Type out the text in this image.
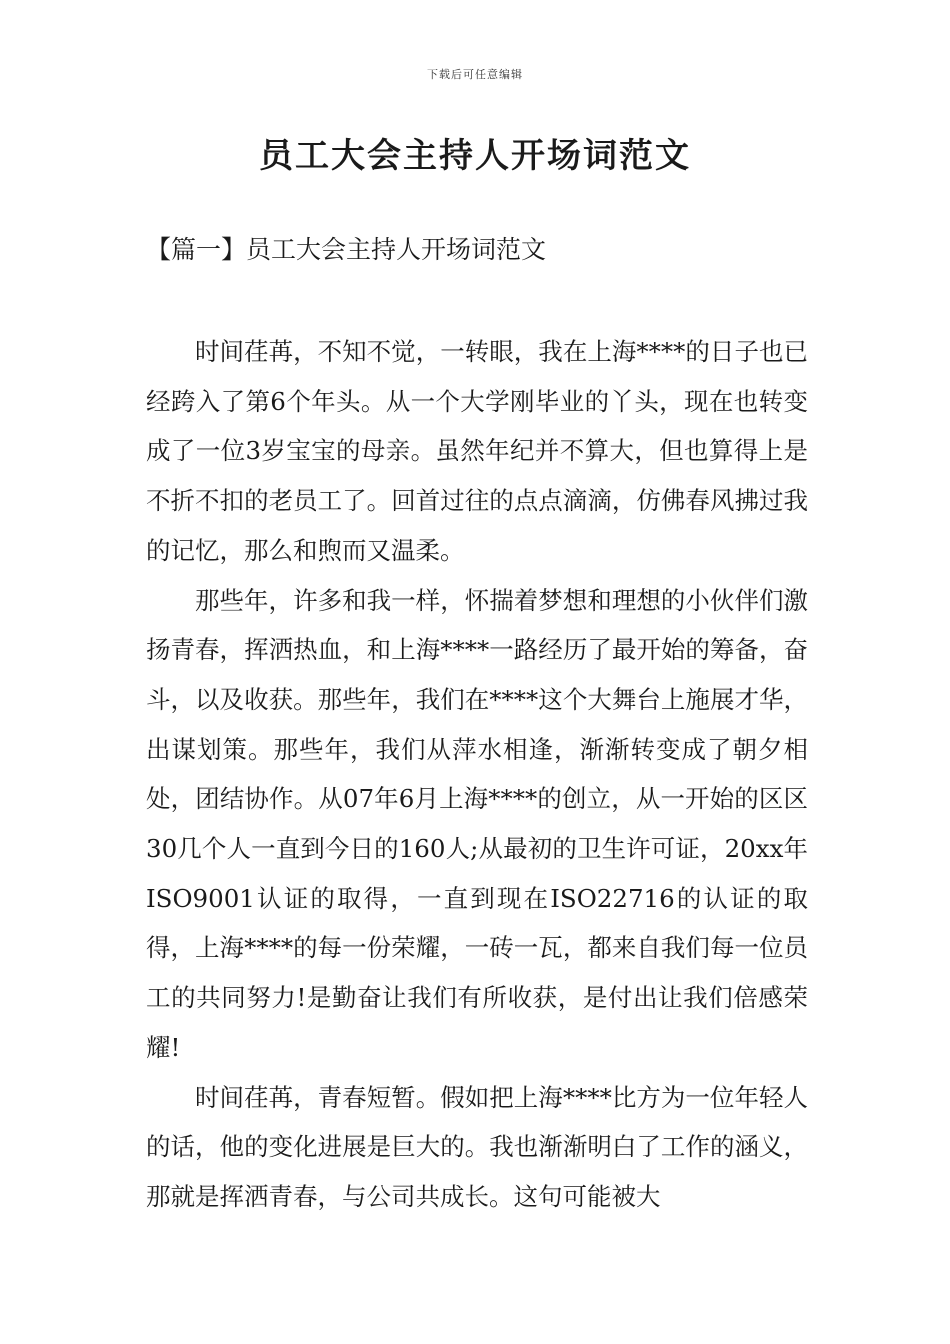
下载后可任意编辑
员工大会主持人开场词范文
【篇一】员工大会主持人开场词范文

时间荏苒，不知不觉，一转眼，我在上海****的日子也已经跨入了第6个年头。从一个大学刚毕业的丫头，现在也转变成了一位3岁宝宝的母亲。虽然年纪并不算大，但也算得上是不折不扣的老员工了。回首过往的点点滴滴，仿佛春风拂过我的记忆，那么和煦而又温柔。

那些年，许多和我一样，怀揣着梦想和理想的小伙伴们激扬青春，挥洒热血，和上海****一路经历了最开始的筹备，奋斗，以及收获。那些年，我们在****这个大舞台上施展才华，出谋划策。那些年，我们从萍水相逢，渐渐转变成了朝夕相处，团结协作。从07年6月上海****的创立，从一开始的区区30几个人一直到今日的160人;从最初的卫生许可证，20xx年ISO9001认证的取得，一直到现在ISO22716的认证的取得，上海****的每一份荣耀，一砖一瓦，都来自我们每一位员工的共同努力!是勤奋让我们有所收获，是付出让我们倍感荣耀!

时间荏苒，青春短暂。假如把上海****比方为一位年轻人的话，他的变化进展是巨大的。我也渐渐明白了工作的涵义，那就是挥洒青春，与公司共成长。这句可能被大
